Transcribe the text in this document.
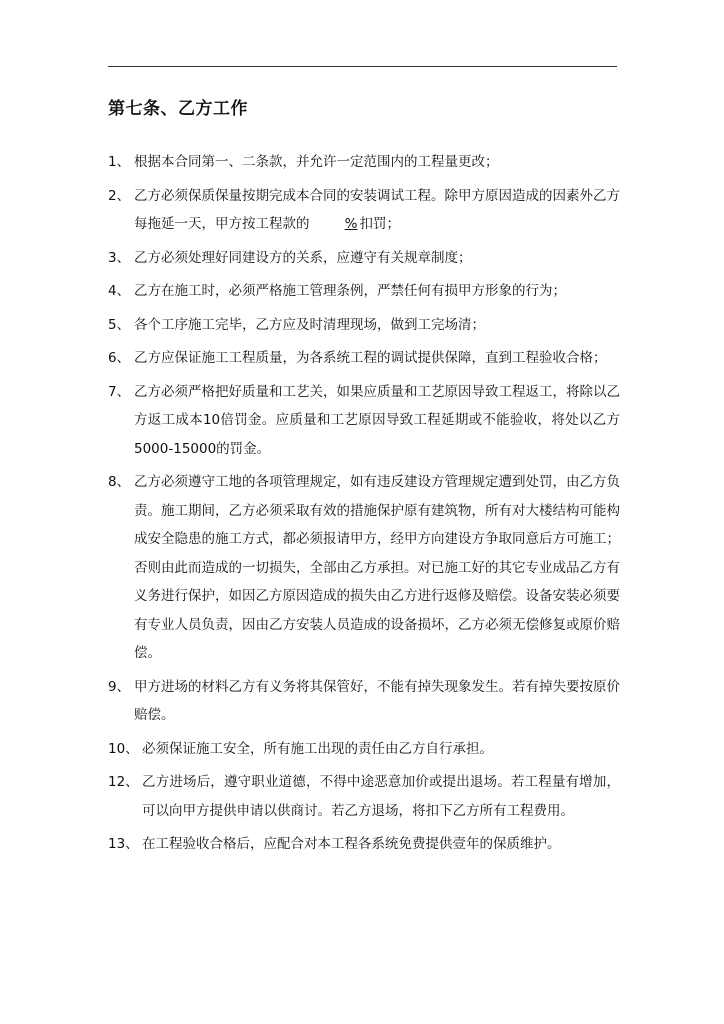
第七条、乙方工作

1、 根据本合同第一、二条款，并允许一定范围内的工程量更改；

2、 乙方必须保质保量按期完成本合同的安装调试工程。除甲方原因造成的因素外乙方每拖延一天，甲方按工程款的	% 扣罚；

3、 乙方必须处理好同建设方的关系，应遵守有关规章制度；

4、 乙方在施工时，必须严格施工管理条例，严禁任何有损甲方形象的行为；

5、 各个工序施工完毕，乙方应及时清理现场，做到工完场清；

6、 乙方应保证施工工程质量，为各系统工程的调试提供保障，直到工程验收合格；

7、 乙方必须严格把好质量和工艺关，如果应质量和工艺原因导致工程返工，将除以乙方返工成本10倍罚金。应质量和工艺原因导致工程延期或不能验收，将处以乙方5000-15000的罚金。

8、 乙方必须遵守工地的各项管理规定，如有违反建设方管理规定遭到处罚，由乙方负责。施工期间，乙方必须采取有效的措施保护原有建筑物，所有对大楼结构可能构成安全隐患的施工方式，都必须报请甲方，经甲方向建设方争取同意后方可施工；否则由此而造成的一切损失，全部由乙方承担。对已施工好的其它专业成品乙方有义务进行保护，如因乙方原因造成的损失由乙方进行返修及赔偿。设备安装必须要有专业人员负责，因由乙方安装人员造成的设备损坏，乙方必须无偿修复或原价赔偿。

9、 甲方进场的材料乙方有义务将其保管好，不能有掉失现象发生。若有掉失要按原价赔偿。

10、 必须保证施工安全，所有施工出现的责任由乙方自行承担。

12、 乙方进场后，遵守职业道德，不得中途恶意加价或提出退场。若工程量有增加，可以向甲方提供申请以供商讨。若乙方退场，将扣下乙方所有工程费用。

13、 在工程验收合格后，应配合对本工程各系统免费提供壹年的保质维护。
